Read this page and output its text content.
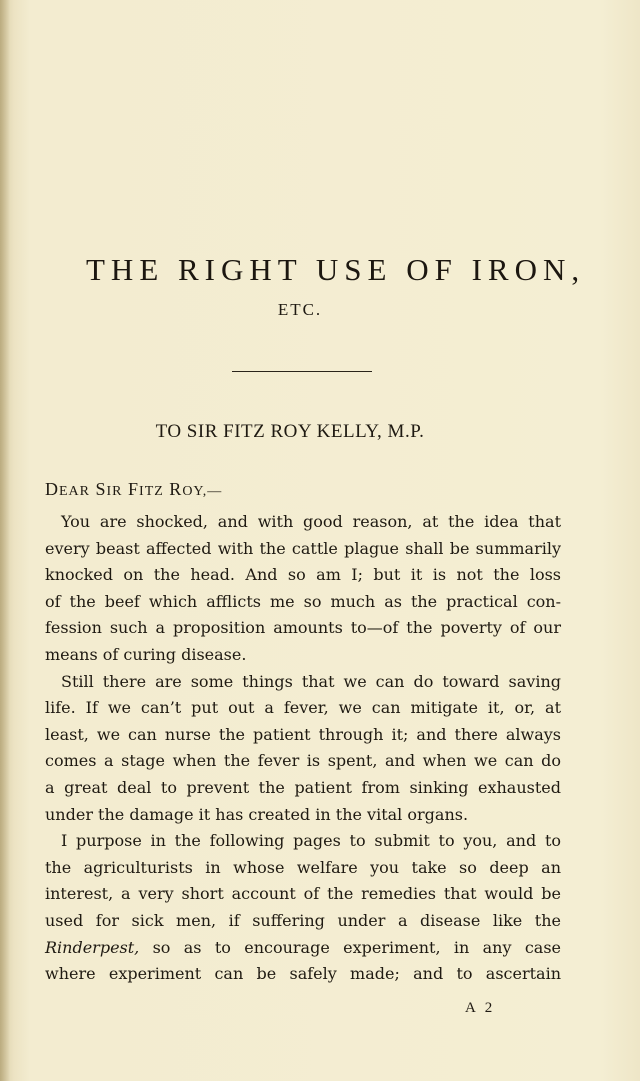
THE RIGHT USE OF IRON,
ETC.
TO SIR FITZ ROY KELLY, M.P.
DEAR SIR FITZ ROY,—
You are shocked, and with good reason, at the idea that
every beast affected with the cattle plague shall be summarily
knocked on the head. And so am I; but it is not the loss
of the beef which afflicts me so much as the practical con-
fession such a proposition amounts to—of the poverty of our
means of curing disease.
Still there are some things that we can do toward saving
life. If we can’t put out a fever, we can mitigate it, or, at
least, we can nurse the patient through it; and there always
comes a stage when the fever is spent, and when we can do
a great deal to prevent the patient from sinking exhausted
under the damage it has created in the vital organs.
I purpose in the following pages to submit to you, and to
the agriculturists in whose welfare you take so deep an
interest, a very short account of the remedies that would be
used for sick men, if suffering under a disease like the
Rinderpest, so as to encourage experiment, in any case
where experiment can be safely made; and to ascertain
A 2
